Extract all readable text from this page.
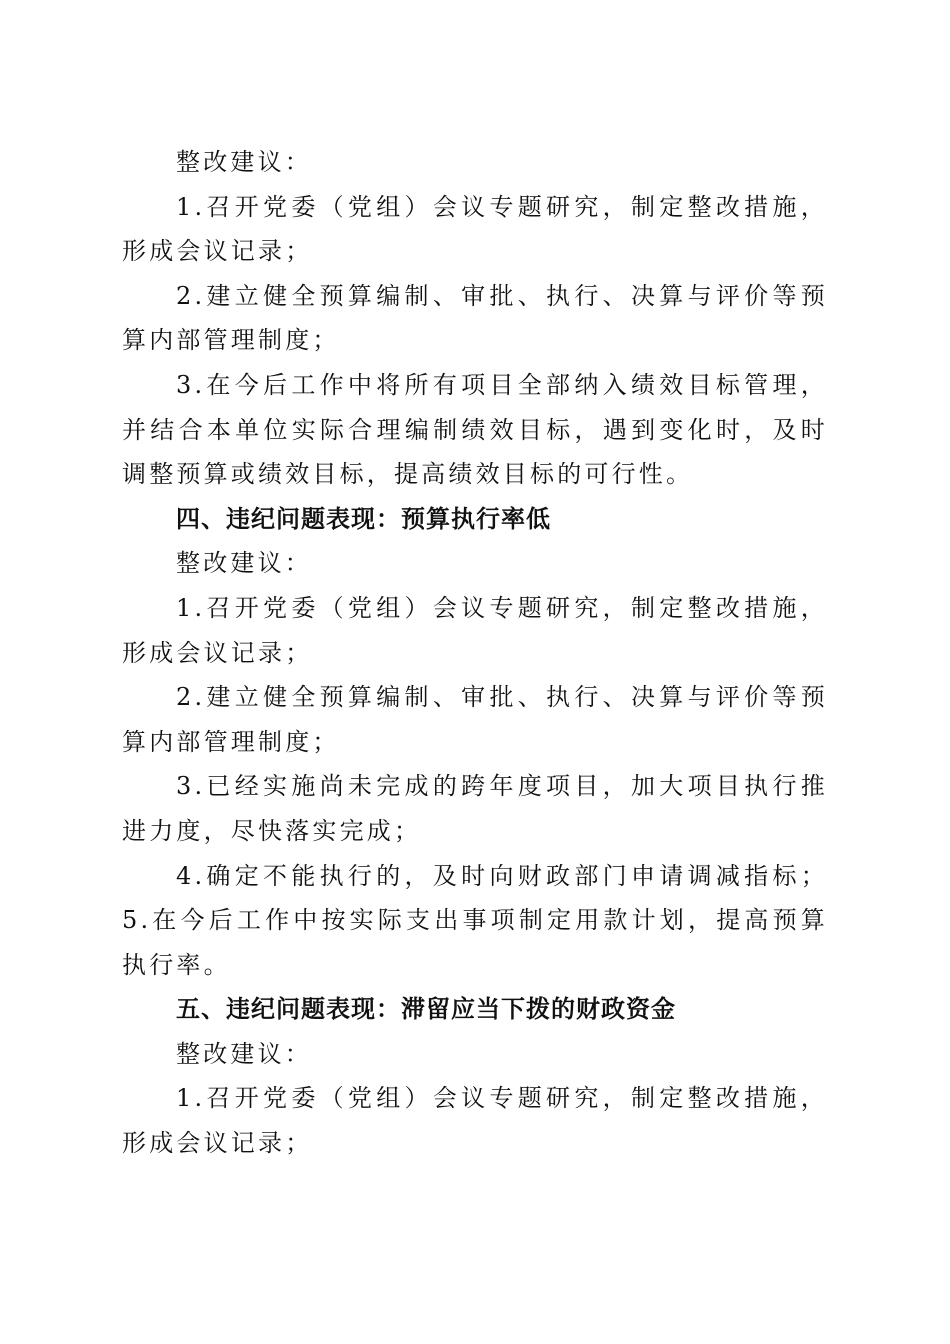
整改建议：

1.召开党委（党组）会议专题研究，制定整改措施，形成会议记录；

2.建立健全预算编制、审批、执行、决算与评价等预算内部管理制度；

3.在今后工作中将所有项目全部纳入绩效目标管理，并结合本单位实际合理编制绩效目标，遇到变化时，及时调整预算或绩效目标，提高绩效目标的可行性。

四、违纪问题表现：预算执行率低

整改建议：

1.召开党委（党组）会议专题研究，制定整改措施，形成会议记录；

2.建立健全预算编制、审批、执行、决算与评价等预算内部管理制度；

3.已经实施尚未完成的跨年度项目，加大项目执行推进力度，尽快落实完成；

4.确定不能执行的，及时向财政部门申请调减指标；5.在今后工作中按实际支出事项制定用款计划，提高预算执行率。

五、违纪问题表现：滞留应当下拨的财政资金

整改建议：

1.召开党委（党组）会议专题研究，制定整改措施，形成会议记录；
